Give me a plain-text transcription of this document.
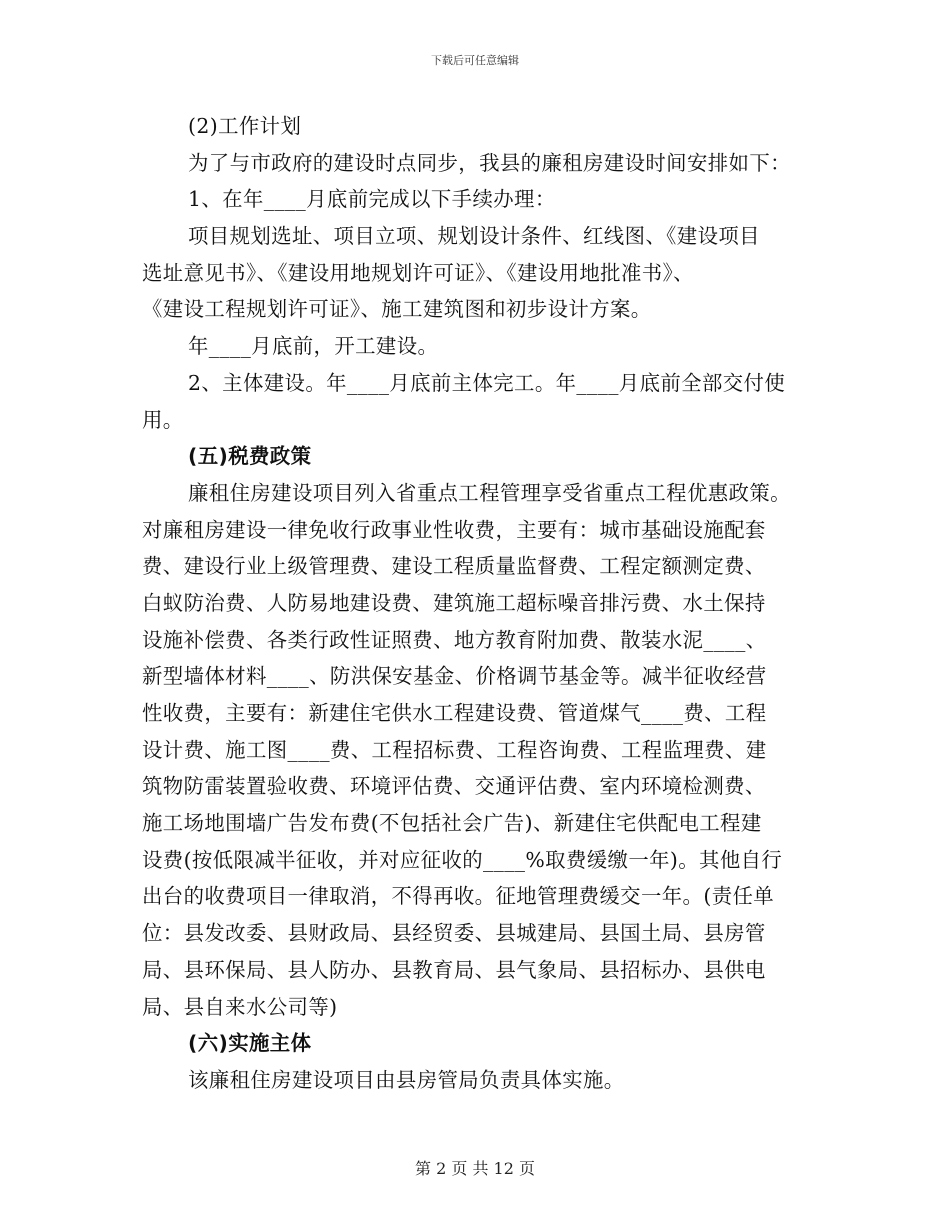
下载后可任意编辑
(2)工作计划
为了与市政府的建设时点同步，我县的廉租房建设时间安排如下：
1、在年____月底前完成以下手续办理：
项目规划选址、项目立项、规划设计条件、红线图、《建设项目
选址意见书》、《建设用地规划许可证》、《建设用地批准书》、
《建设工程规划许可证》、施工建筑图和初步设计方案。
年____月底前，开工建设。
2、主体建设。年____月底前主体完工。年____月底前全部交付使
用。
(五)税费政策
廉租住房建设项目列入省重点工程管理享受省重点工程优惠政策。
对廉租房建设一律免收行政事业性收费，主要有：城市基础设施配套
费、建设行业上级管理费、建设工程质量监督费、工程定额测定费、
白蚁防治费、人防易地建设费、建筑施工超标噪音排污费、水土保持
设施补偿费、各类行政性证照费、地方教育附加费、散装水泥____、
新型墙体材料____、防洪保安基金、价格调节基金等。减半征收经营
性收费，主要有：新建住宅供水工程建设费、管道煤气____费、工程
设计费、施工图____费、工程招标费、工程咨询费、工程监理费、建
筑物防雷装置验收费、环境评估费、交通评估费、室内环境检测费、
施工场地围墙广告发布费(不包括社会广告)、新建住宅供配电工程建
设费(按低限减半征收，并对应征收的____%取费缓缴一年)。其他自行
出台的收费项目一律取消，不得再收。征地管理费缓交一年。(责任单
位：县发改委、县财政局、县经贸委、县城建局、县国土局、县房管
局、县环保局、县人防办、县教育局、县气象局、县招标办、县供电
局、县自来水公司等)
(六)实施主体
该廉租住房建设项目由县房管局负责具体实施。
第 2 页 共 12 页
